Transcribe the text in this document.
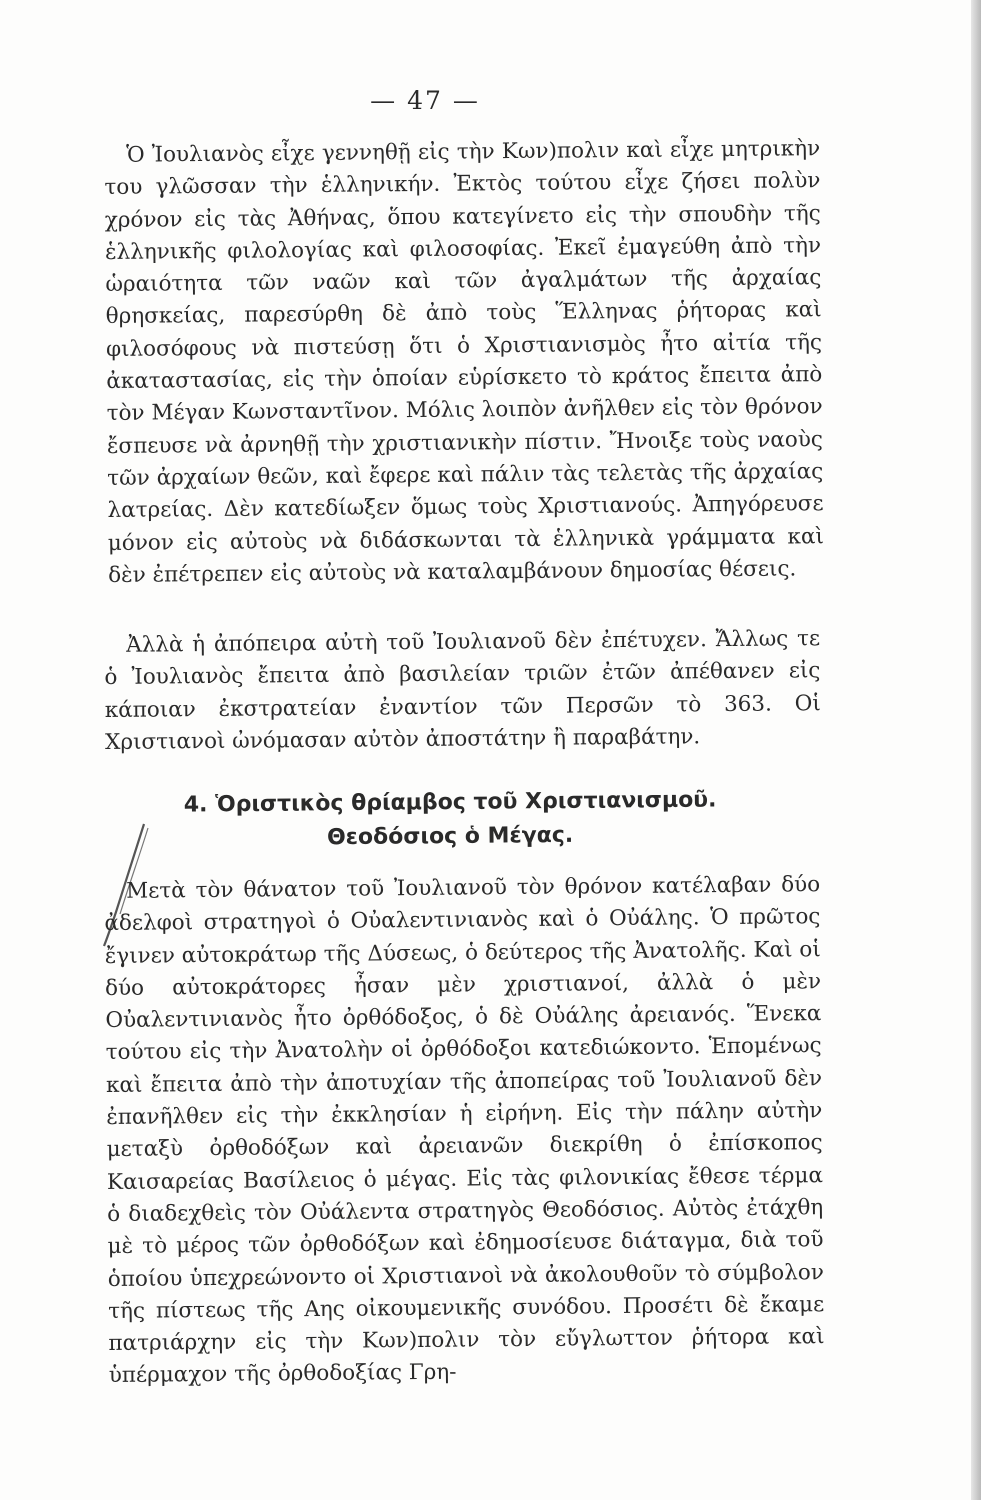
— 47 —

Ὁ Ἰουλιανὸς εἶχε γεννηθῇ εἰς τὴν Κων)πολιν καὶ εἶχε μητρικὴν του γλῶσσαν τὴν ἑλληνικήν. Ἐκτὸς τούτου εἶχε ζήσει πολὺν χρόνον εἰς τὰς Ἀθήνας, ὅπου κατεγίνετο εἰς τὴν σπουδὴν τῆς ἑλληνικῆς φιλολογίας καὶ φιλοσοφίας. Ἐκεῖ ἐμαγεύθη ἀπὸ τὴν ὡραιότητα τῶν ναῶν καὶ τῶν ἀγαλμάτων τῆς ἀρχαίας θρησκείας, παρεσύρθη δὲ ἀπὸ τοὺς Ἕλληνας ῥήτορας καὶ φιλοσόφους νὰ πιστεύσῃ ὅτι ὁ Χριστιανισμὸς ἦτο αἰτία τῆς ἀκαταστασίας, εἰς τὴν ὁποίαν εὑρίσκετο τὸ κράτος ἔπειτα ἀπὸ τὸν Μέγαν Κωνσταντῖνον. Μόλις λοιπὸν ἀνῆλθεν εἰς τὸν θρόνον ἔσπευσε νὰ ἀρνηθῇ τὴν χριστιανικὴν πίστιν. Ἤνοιξε τοὺς ναοὺς τῶν ἀρχαίων θεῶν, καὶ ἔφερε καὶ πάλιν τὰς τελετὰς τῆς ἀρχαίας λατρείας. Δὲν κατεδίωξεν ὅμως τοὺς Χριστιανούς. Ἀπηγόρευσε μόνον εἰς αὐτοὺς νὰ διδάσκωνται τὰ ἑλληνικὰ γράμματα καὶ δὲν ἐπέτρεπεν εἰς αὐτοὺς νὰ καταλαμβάνουν δημοσίας θέσεις.

Ἀλλὰ ἡ ἀπόπειρα αὐτὴ τοῦ Ἰουλιανοῦ δὲν ἐπέτυχεν. Ἄλλως τε ὁ Ἰουλιανὸς ἔπειτα ἀπὸ βασιλείαν τριῶν ἐτῶν ἀπέθανεν εἰς κάποιαν ἐκστρατείαν ἐναντίον τῶν Περσῶν τὸ 363. Οἱ Χριστιανοὶ ὠνόμασαν αὐτὸν ἀποστάτην ἢ παραβάτην.

4. Ὁριστικὸς θρίαμβος τοῦ Χριστιανισμοῦ.
Θεοδόσιος ὁ Μέγας.

Μετὰ τὸν θάνατον τοῦ Ἰουλιανοῦ τὸν θρόνον κατέλαβαν δύο ἀδελφοὶ στρατηγοὶ ὁ Οὐαλεντινιανὸς καὶ ὁ Οὐάλης. Ὁ πρῶτος ἔγινεν αὐτοκράτωρ τῆς Δύσεως, ὁ δεύτερος τῆς Ἀνατολῆς. Καὶ οἱ δύο αὐτοκράτορες ἦσαν μὲν χριστιανοί, ἀλλὰ ὁ μὲν Οὐαλεντινιανὸς ἦτο ὀρθόδοξος, ὁ δὲ Οὐάλης ἀρειανός. Ἕνεκα τούτου εἰς τὴν Ἀνατολὴν οἱ ὀρθόδοξοι κατεδιώκοντο. Ἑπομένως καὶ ἔπειτα ἀπὸ τὴν ἀποτυχίαν τῆς ἀποπείρας τοῦ Ἰουλιανοῦ δὲν ἐπανῆλθεν εἰς τὴν ἐκκλησίαν ἡ εἰρήνη. Εἰς τὴν πάλην αὐτὴν μεταξὺ ὀρθοδόξων καὶ ἀρειανῶν διεκρίθη ὁ ἐπίσκοπος Καισαρείας Βασίλειος ὁ μέγας. Εἰς τὰς φιλονικίας ἔθεσε τέρμα ὁ διαδεχθεὶς τὸν Οὐάλεντα στρατηγὸς Θεοδόσιος. Αὐτὸς ἐτάχθη μὲ τὸ μέρος τῶν ὀρθοδόξων καὶ ἐδημοσίευσε διάταγμα, διὰ τοῦ ὁποίου ὑπεχρεώνοντο οἱ Χριστιανοὶ νὰ ἀκολουθοῦν τὸ σύμβολον τῆς πίστεως τῆς Αης οἰκουμενικῆς συνόδου. Προσέτι δὲ ἔκαμε πατριάρχην εἰς τὴν Κων)πολιν τὸν εὔγλωττον ῥήτορα καὶ ὑπέρμαχον τῆς ὀρθοδοξίας Γρη-
